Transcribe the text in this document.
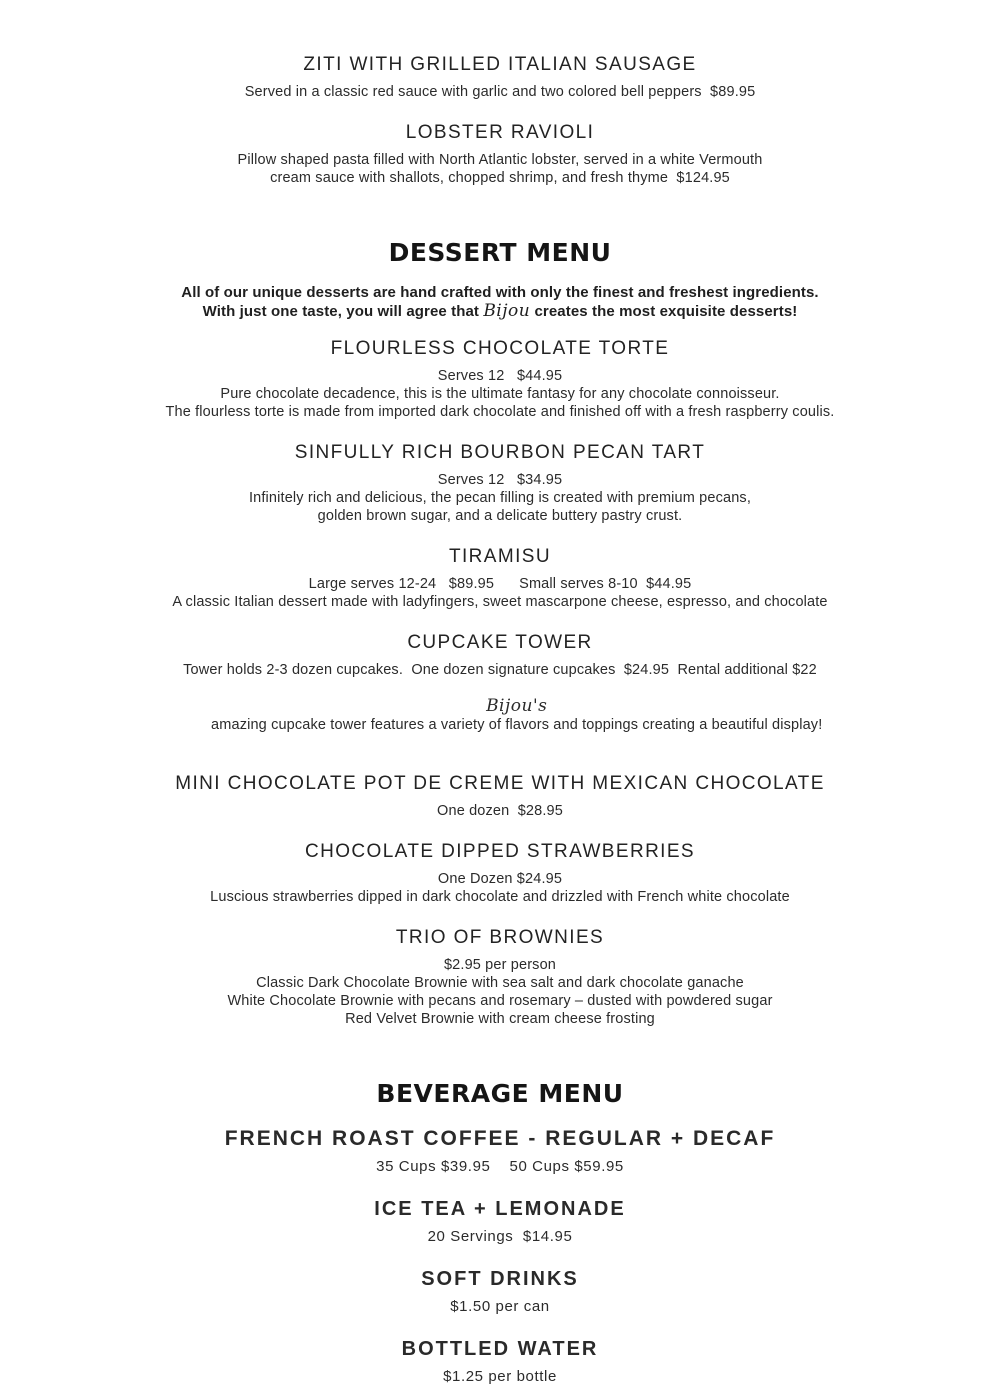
ZITI WITH GRILLED ITALIAN SAUSAGE

Served in a classic red sauce with garlic and two colored bell peppers  $89.95

LOBSTER RAVIOLI

Pillow shaped pasta filled with North Atlantic lobster, served in a white Vermouth

cream sauce with shallots, chopped shrimp, and fresh thyme  $124.95

DESSERT MENU

All of our unique desserts are hand crafted with only the finest and freshest ingredients.

With just one taste, you will agree that Bijou creates the most exquisite desserts!

FLOURLESS CHOCOLATE TORTE

Serves 12   $44.95

Pure chocolate decadence, this is the ultimate fantasy for any chocolate connoisseur.

The flourless torte is made from imported dark chocolate and finished off with a fresh raspberry coulis.

SINFULLY RICH BOURBON PECAN TART

Serves 12   $34.95

Infinitely rich and delicious, the pecan filling is created with premium pecans,

golden brown sugar, and a delicate buttery pastry crust.

TIRAMISU

Large serves 12-24   $89.95      Small serves 8-10  $44.95

A classic Italian dessert made with ladyfingers, sweet mascarpone cheese, espresso, and chocolate

CUPCAKE TOWER

Tower holds 2-3 dozen cupcakes.  One dozen signature cupcakes  $24.95  Rental additional $22

Bijou's
amazing cupcake tower features a variety of flavors and toppings creating a beautiful display!

MINI CHOCOLATE POT DE CREME WITH MEXICAN CHOCOLATE

One dozen  $28.95

CHOCOLATE DIPPED STRAWBERRIES

One Dozen $24.95

Luscious strawberries dipped in dark chocolate and drizzled with French white chocolate

TRIO OF BROWNIES

$2.95 per person

Classic Dark Chocolate Brownie with sea salt and dark chocolate ganache

White Chocolate Brownie with pecans and rosemary – dusted with powdered sugar

Red Velvet Brownie with cream cheese frosting

BEVERAGE MENU
FRENCH ROAST COFFEE - REGULAR + DECAF

35 Cups $39.95    50 Cups $59.95

ICE TEA + LEMONADE

20 Servings  $14.95

SOFT DRINKS

$1.50 per can

BOTTLED WATER

$1.25 per bottle
